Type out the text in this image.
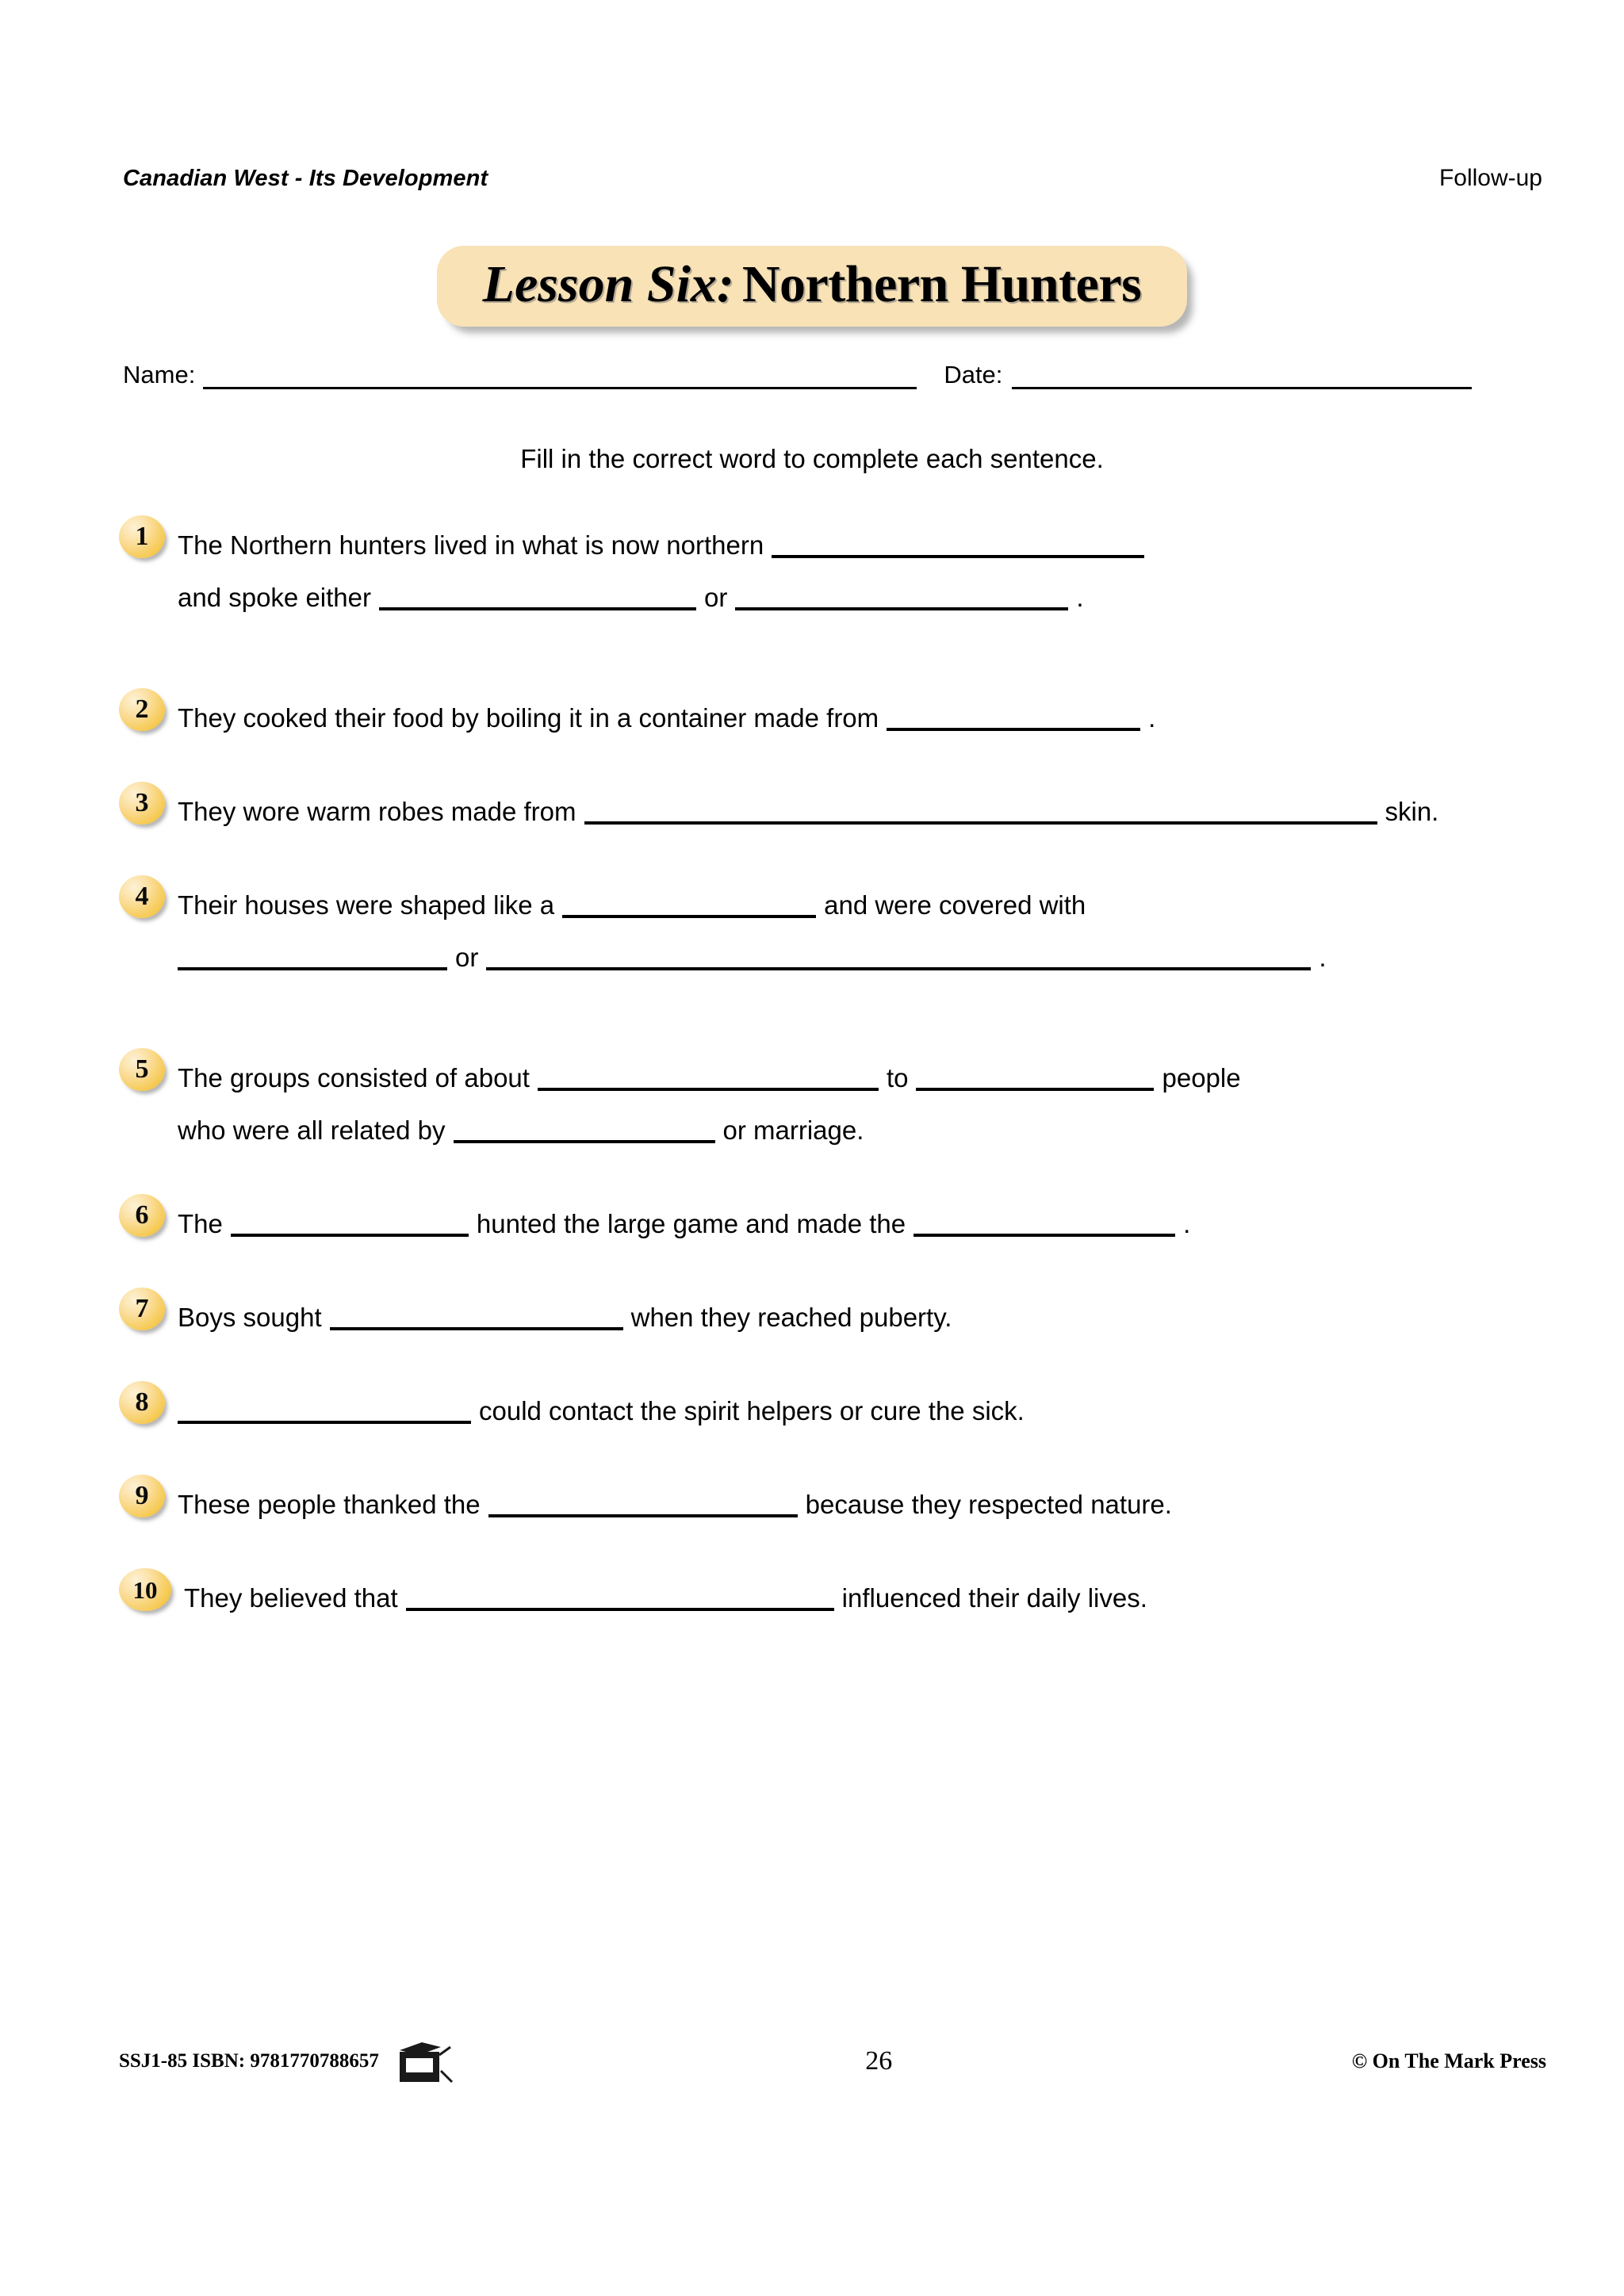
Canadian West - Its Development	Follow-up
Lesson Six: Northern Hunters
Name:	Date:
Fill in the correct word to complete each sentence.
1	The Northern hunters lived in what is now northern
and spoke either	or	.
2	They cooked their food by boiling it in a container made from	.
3	They wore warm robes made from	skin.
4	Their houses were shaped like a	and were covered with
or	.
5	The groups consisted of about	to	people
who were all related by	or marriage.
6	The	hunted the large game and made the	.
7	Boys sought	when they reached puberty.
8	could contact the spirit helpers or cure the sick.
9	These people thanked the	because they respected nature.
10	They believed that	influenced their daily lives.
SSJ1-85 ISBN: 9781770788657	26	© On The Mark Press
